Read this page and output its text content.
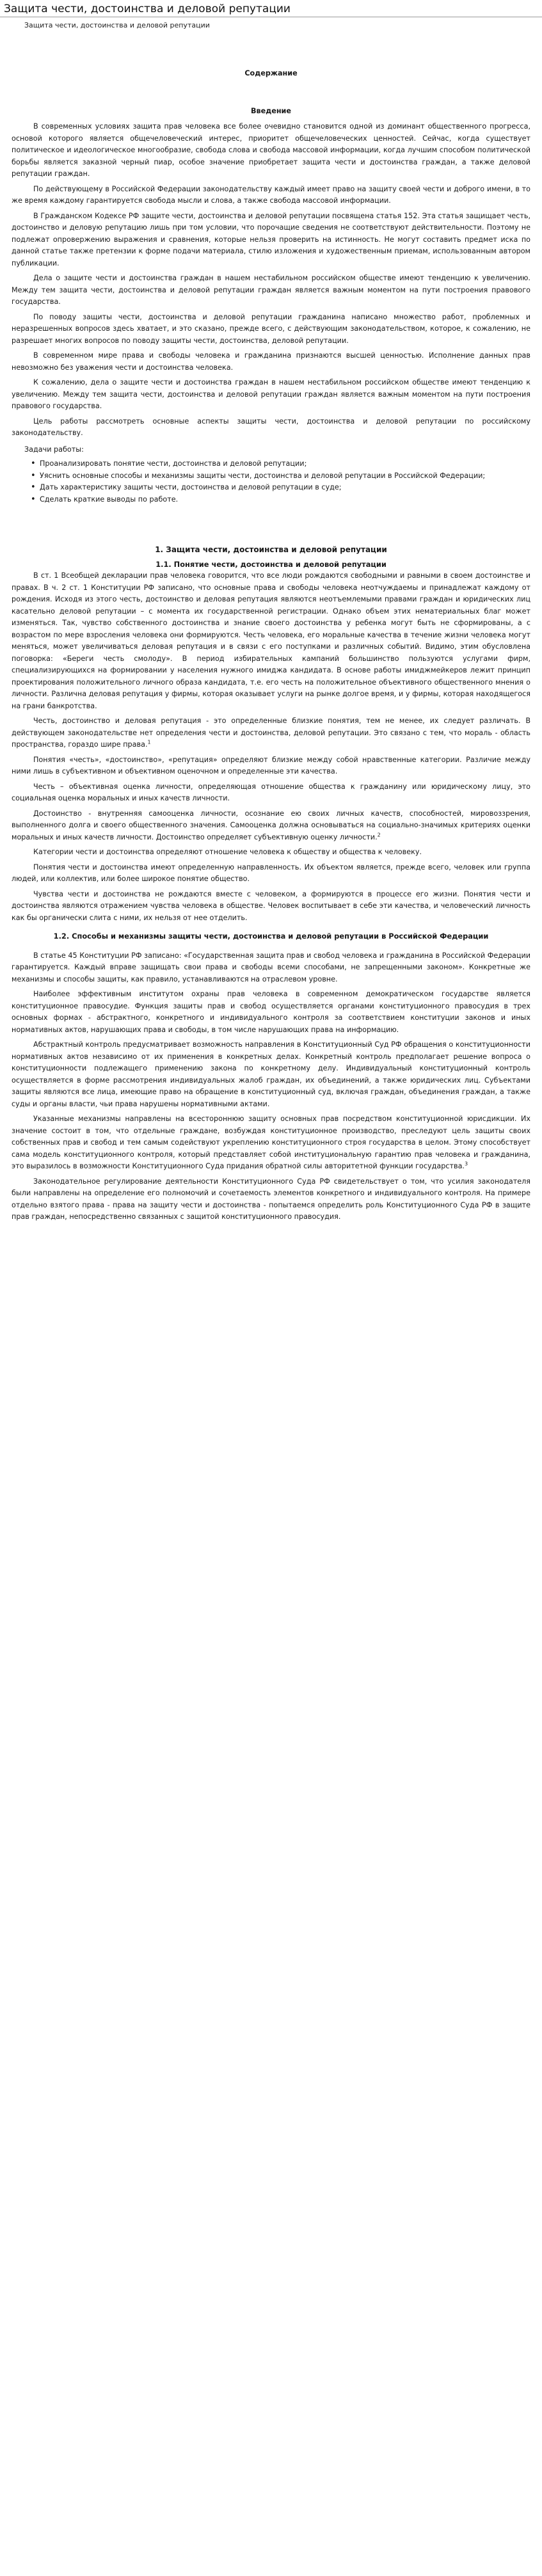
Защита чести, достоинства и деловой репутации
Защита чести, достоинства и деловой репутации
Содержание
Введение

В современных условиях защита прав человека все более очевидно становится одной из доминант общественного прогресса, основой которого является общечеловеческий интерес, приоритет общечеловеческих ценностей. Сейчас, когда существует политическое и идеологическое многообразие, свобода слова и свобода массовой информации, когда лучшим способом политической борьбы является заказной черный пиар, особое значение приобретает защита чести и достоинства граждан, а также деловой репутации граждан.

По действующему в Российской Федерации законодательству каждый имеет право на защиту своей чести и доброго имени, в то же время каждому гарантируется свобода мысли и слова, а также свобода массовой информации.

В Гражданском Кодексе РФ защите чести, достоинства и деловой репутации посвящена статья 152. Эта статья защищает честь, достоинство и деловую репутацию лишь при том условии, что порочащие сведения не соответствуют действительности. Поэтому не подлежат опровержению выражения и сравнения, которые нельзя проверить на истинность. Не могут составить предмет иска по данной статье также претензии к форме подачи материала, стилю изложения и художественным приемам, использованным автором публикации.

Дела о защите чести и достоинства граждан в нашем нестабильном российском обществе имеют тенденцию к увеличению. Между тем защита чести, достоинства и деловой репутации граждан является важным моментом на пути построения правового государства.

По поводу защиты чести, достоинства и деловой репутации гражданина написано множество работ, проблемных и неразрешенных вопросов здесь хватает, и это сказано, прежде всего, с действующим законодательством, которое, к сожалению, не разрешает многих вопросов по поводу защиты чести, достоинства, деловой репутации.

В современном мире права и свободы человека и гражданина признаются высшей ценностью. Исполнение данных прав невозможно без уважения чести и достоинства человека.

К сожалению, дела о защите чести и достоинства граждан в нашем нестабильном российском обществе имеют тенденцию к увеличению. Между тем защита чести, достоинства и деловой репутации граждан является важным моментом на пути построения правового государства.

Цель работы рассмотреть основные аспекты защиты чести, достоинства и деловой репутации по российскому законодательству.

Задачи работы:

• Проанализировать понятие чести, достоинства и деловой репутации;
• Уяснить основные способы и механизмы защиты чести, достоинства и деловой репутации в Российской Федерации;
• Дать характеристику защиты чести, достоинства и деловой репутации в суде;
• Сделать краткие выводы по работе.
1. Защита чести, достоинства и деловой репутации
1.1. Понятие чести, достоинства и деловой репутации

В ст. 1 Всеобщей декларации прав человека говорится, что все люди рождаются свободными и равными в своем достоинстве и правах. В ч. 2 ст. 1 Конституции РФ записано, что основные права и свободы человека неотчуждаемы и принадлежат каждому от рождения. Исходя из этого честь, достоинство и деловая репутация являются неотъемлемыми правами граждан и юридических лиц касательно деловой репутации – с момента их государственной регистрации. Однако объем этих нематериальных благ может изменяться. Так, чувство собственного достоинства и знание своего достоинства у ребенка могут быть не сформированы, а с возрастом по мере взросления человека они формируются. Честь человека, его моральные качества в течение жизни человека могут меняться, может увеличиваться деловая репутация и в связи с его поступками и различных событий. Видимо, этим обусловлена поговорка: «Береги честь смолоду». В период избирательных кампаний большинство пользуются услугами фирм, специализирующихся на формировании у населения нужного имиджа кандидата. В основе работы имиджмейкеров лежит принцип проектирования положительного личного образа кандидата, т.е. его честь на положительное объективного общественного мнения о личности. Различна деловая репутация у фирмы, которая оказывает услуги на рынке долгое время, и у фирмы, которая находящегося на грани банкротства.

Честь, достоинство и деловая репутация - это определенные близкие понятия, тем не менее, их следует различать. В действующем законодательстве нет определения чести и достоинства, деловой репутации. Это связано с тем, что мораль - область пространства, гораздо шире права.$^1$

Понятия «честь», «достоинство», «репутация» определяют близкие между собой нравственные категории. Различие между ними лишь в субъективном и объективном оценочном и определенные эти качества.

Честь – объективная оценка личности, определяющая отношение общества к гражданину или юридическому лицу, это социальная оценка моральных и иных качеств личности.

Достоинство - внутренняя самооценка личности, осознание ею своих личных качеств, способностей, мировоззрения, выполненного долга и своего общественного значения. Самооценка должна основываться на социально-значимых критериях оценки моральных и иных качеств личности. Достоинство определяет субъективную оценку личности.$^2$

Категории чести и достоинства определяют отношение человека к обществу и общества к человеку.

Понятия чести и достоинства имеют определенную направленность. Их объектом является, прежде всего, человек или группа людей, или коллектив, или более широкое понятие общество.

Чувства чести и достоинства не рождаются вместе с человеком, а формируются в процессе его жизни. Понятия чести и достоинства являются отражением чувства человека в обществе. Человек воспитывает в себе эти качества, и человеческий личность как бы органически слита с ними, их нельзя от нее отделить.

1.2. Способы и механизмы защиты чести, достоинства и деловой репутации в Российской Федерации

В статье 45 Конституции РФ записано: «Государственная защита прав и свобод человека и гражданина в Российской Федерации гарантируется. Каждый вправе защищать свои права и свободы всеми способами, не запрещенными законом». Конкретные же механизмы и способы защиты, как правило, устанавливаются на отраслевом уровне.

Наиболее эффективным институтом охраны прав человека в современном демократическом государстве является конституционное правосудие. Функция защиты прав и свобод осуществляется органами конституционного правосудия в трех основных формах - абстрактного, конкретного и индивидуального контроля за соответствием конституции законов и иных нормативных актов, нарушающих права и свободы, в том числе нарушающих права на информацию.

Абстрактный контроль предусматривает возможность направления в Конституционный Суд РФ обращения о конституционности нормативных актов независимо от их применения в конкретных делах. Конкретный контроль предполагает решение вопроса о конституционности подлежащего применению закона по конкретному делу. Индивидуальный конституционный контроль осуществляется в форме рассмотрения индивидуальных жалоб граждан, их объединений, а также юридических лиц. Субъектами защиты являются все лица, имеющие право на обращение в конституционный суд, включая граждан, объединения граждан, а также суды и органы власти, чьи права нарушены нормативными актами.

Указанные механизмы направлены на всестороннюю защиту основных прав посредством конституционной юрисдикции. Их значение состоит в том, что отдельные граждане, возбуждая конституционное производство, преследуют цель защиты своих собственных прав и свобод и тем самым содействуют укреплению конституционного строя государства в целом. Этому способствует сама модель конституционного контроля, который представляет собой институциональную гарантию прав человека и гражданина, это выразилось в возможности Конституционного Суда придания обратной силы авторитетной функции государства.$^3$

Законодательное регулирование деятельности Конституционного Суда РФ свидетельствует о том, что усилия законодателя были направлены на определение его полномочий и сочетаемость элементов конкретного и индивидуального контроля. На примере отдельно взятого права - права на защиту чести и достоинства - попытаемся определить роль Конституционного Суда РФ в защите прав граждан, непосредственно связанных с защитой конституционного правосудия.
